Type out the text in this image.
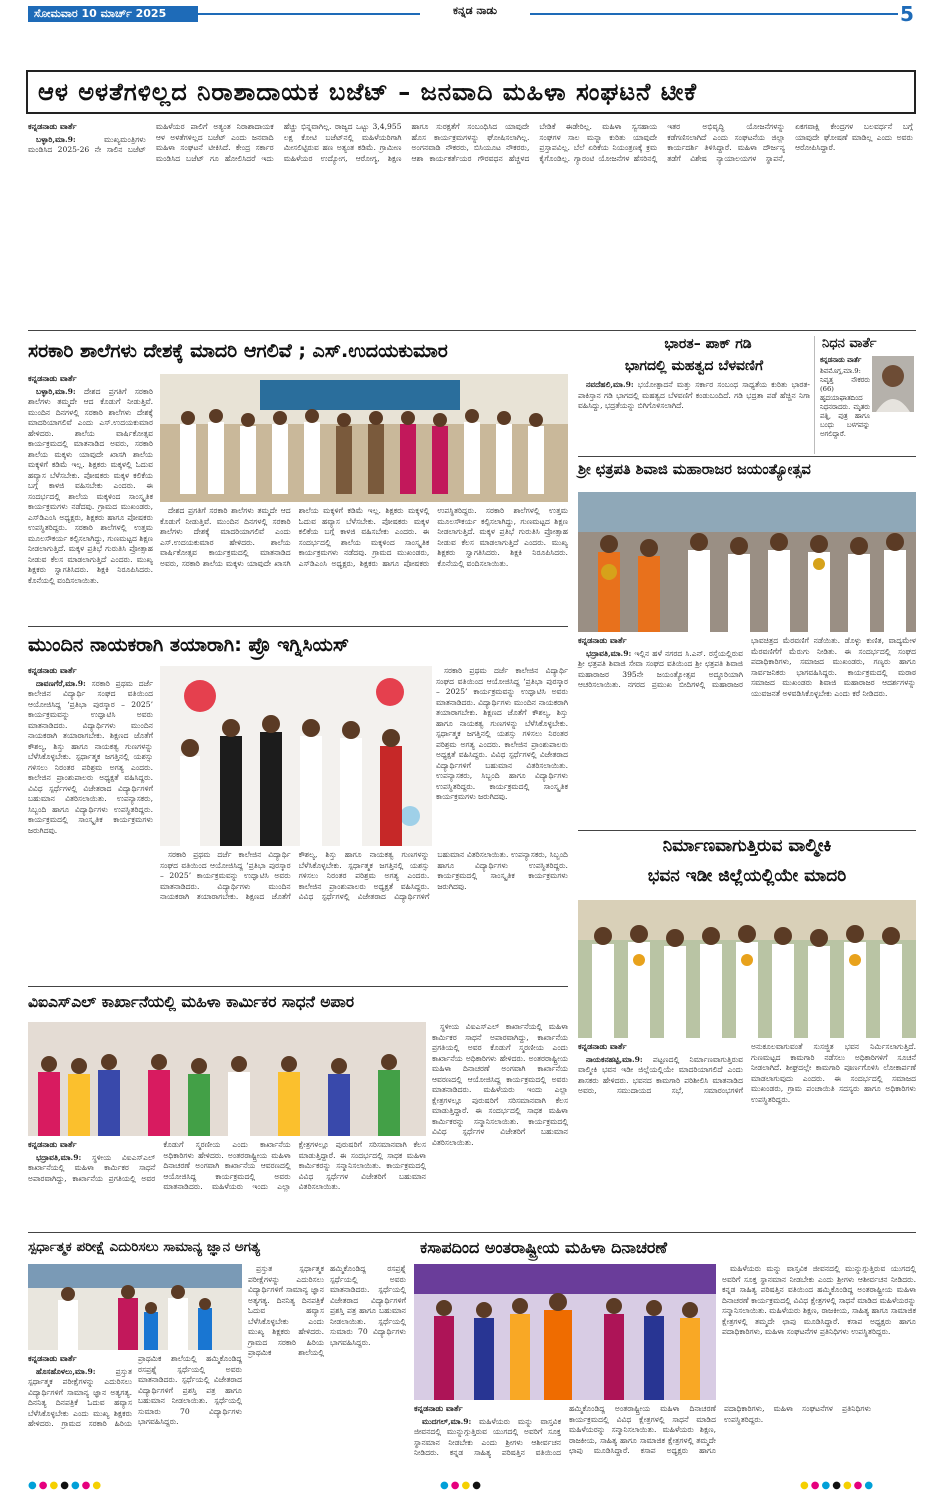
ಸೋಮವಾರ 10 ಮಾರ್ಚ್ 2025	ಕನ್ನಡ ನಾಡು	5
ಆಳ ಅಳತೆಗಳಿಲ್ಲದ ನಿರಾಶಾದಾಯಕ ಬಜೆಟ್ – ಜನವಾದಿ ಮಹಿಳಾ ಸಂಘಟನೆ ಟೀಕೆ
ಕನ್ನಡನಾಡು ವಾರ್ತೆ

ಬಳ್ಳಾರಿ,ಮಾ.9:	ಮುಖ್ಯಮಂತ್ರಿಗಳು ಮಂಡಿಸಿದ 2025-26 ನೇ ಸಾಲಿನ ಬಜೆಟ್ ಮಹಿಳೆಯರ ಪಾಲಿಗೆ ಅತ್ಯಂತ ನಿರಾಶಾದಾಯಕ ಆಳ ಅಳತೆಗಳಿಲ್ಲದ ಬಜೆಟ್ ಎಂದು ಜನವಾದಿ ಮಹಿಳಾ ಸಂಘಟನೆ ಟೀಕಿಸಿದೆ. ಕೇಂದ್ರ ಸರ್ಕಾರ ಮಂಡಿಸಿದ ಬಜೆಟ್ ಗೂ ಹೋಲಿಸಿದರೆ ಇದು ಹೆಚ್ಚು ಭಿನ್ನವಾಗಿಲ್ಲ. ರಾಜ್ಯದ ಒಟ್ಟು 3,4,955 ಲಕ್ಷ ಕೋಟಿ ಬಜೆಟ್‌ನಲ್ಲಿ ಮಹಿಳೆಯರಿಗಾಗಿ ಮೀಸಲಿಟ್ಟಿರುವ ಹಣ ಅತ್ಯಂತ ಕಡಿಮೆ. ಗ್ರಾಮೀಣ ಮಹಿಳೆಯರ ಉದ್ಯೋಗ, ಆರೋಗ್ಯ, ಶಿಕ್ಷಣ ಹಾಗೂ ಸುರಕ್ಷತೆಗೆ ಸಂಬಂಧಿಸಿದ ಯಾವುದೇ ಹೊಸ ಕಾರ್ಯಕ್ರಮಗಳನ್ನು ಘೋಷಿಸಲಾಗಿಲ್ಲ. ಅಂಗನವಾಡಿ ನೌಕರರು, ಬಿಸಿಯೂಟ ನೌಕರರು, ಆಶಾ ಕಾರ್ಯಕರ್ತೆಯರ ಗೌರವಧನ ಹೆಚ್ಚಳದ ಬೇಡಿಕೆ ಈಡೇರಿಲ್ಲ. ಮಹಿಳಾ ಸ್ವಸಹಾಯ ಸಂಘಗಳ ಸಾಲ ಮನ್ನಾ ಕುರಿತು ಯಾವುದೇ ಪ್ರಸ್ತಾಪವಿಲ್ಲ. ಬೆಲೆ ಏರಿಕೆಯ ನಿಯಂತ್ರಣಕ್ಕೆ ಕ್ರಮ ಕೈಗೊಂಡಿಲ್ಲ. ಗ್ಯಾರಂಟಿ ಯೋಜನೆಗಳ ಹೆಸರಿನಲ್ಲಿ ಇತರ ಅಭಿವೃದ್ಧಿ ಯೋಜನೆಗಳನ್ನು ಕಡೆಗಣಿಸಲಾಗಿದೆ ಎಂದು ಸಂಘಟನೆಯ ಜಿಲ್ಲಾ ಕಾರ್ಯದರ್ಶಿ ತಿಳಿಸಿದ್ದಾರೆ. ಮಹಿಳಾ ದೌರ್ಜನ್ಯ ತಡೆಗೆ ವಿಶೇಷ ನ್ಯಾಯಾಲಯಗಳ ಸ್ಥಾಪನೆ, ಏಕಗವಾಕ್ಷಿ ಕೇಂದ್ರಗಳ ಬಲವರ್ಧನೆ ಬಗ್ಗೆ ಯಾವುದೇ ಘೋಷಣೆ ಮಾಡಿಲ್ಲ ಎಂದು ಅವರು ಆರೋಪಿಸಿದ್ದಾರೆ.

ಸರಕಾರಿ ಶಾಲೆಗಳು ದೇಶಕ್ಕೆ ಮಾದರಿ ಆಗಲಿವೆ ; ಎಸ್.ಉದಯಕುಮಾರ
ಕನ್ನಡನಾಡು ವಾರ್ತೆ

ಬಳ್ಳಾರಿ,ಮಾ.9: ದೇಶದ ಪ್ರಗತಿಗೆ ಸರಕಾರಿ ಶಾಲೆಗಳು ತಮ್ಮದೇ ಆದ ಕೊಡುಗೆ ನೀಡುತ್ತಿವೆ. ಮುಂದಿನ ದಿನಗಳಲ್ಲಿ ಸರಕಾರಿ ಶಾಲೆಗಳು ದೇಶಕ್ಕೆ ಮಾದರಿಯಾಗಲಿವೆ ಎಂದು ಎಸ್.ಉದಯಕುಮಾರ ಹೇಳಿದರು. ಶಾಲೆಯ ವಾರ್ಷಿಕೋತ್ಸವ ಕಾರ್ಯಕ್ರಮದಲ್ಲಿ ಮಾತನಾಡಿದ ಅವರು, ಸರಕಾರಿ ಶಾಲೆಯ ಮಕ್ಕಳು ಯಾವುದೇ ಖಾಸಗಿ ಶಾಲೆಯ ಮಕ್ಕಳಿಗೆ ಕಡಿಮೆ ಇಲ್ಲ. ಶಿಕ್ಷಕರು ಮಕ್ಕಳಲ್ಲಿ ಓದುವ ಹವ್ಯಾಸ ಬೆಳೆಸಬೇಕು. ಪೋಷಕರು ಮಕ್ಕಳ ಕಲಿಕೆಯ ಬಗ್ಗೆ ಕಾಳಜಿ ವಹಿಸಬೇಕು ಎಂದರು. ಈ ಸಂದರ್ಭದಲ್ಲಿ ಶಾಲೆಯ ಮಕ್ಕಳಿಂದ ಸಾಂಸ್ಕೃತಿಕ ಕಾರ್ಯಕ್ರಮಗಳು ನಡೆದವು. ಗ್ರಾಮದ ಮುಖಂಡರು, ಎಸ್‌ಡಿಎಂಸಿ ಅಧ್ಯಕ್ಷರು, ಶಿಕ್ಷಕರು ಹಾಗೂ ಪೋಷಕರು ಉಪಸ್ಥಿತರಿದ್ದರು. ಸರಕಾರಿ ಶಾಲೆಗಳಲ್ಲಿ ಉತ್ತಮ ಮೂಲಸೌಕರ್ಯ ಕಲ್ಪಿಸಲಾಗಿದ್ದು, ಗುಣಮಟ್ಟದ ಶಿಕ್ಷಣ ನೀಡಲಾಗುತ್ತಿದೆ. ಮಕ್ಕಳ ಪ್ರತಿಭೆ ಗುರುತಿಸಿ ಪ್ರೋತ್ಸಾಹ ನೀಡುವ ಕೆಲಸ ಮಾಡಲಾಗುತ್ತಿದೆ ಎಂದರು. ಮುಖ್ಯ ಶಿಕ್ಷಕರು ಸ್ವಾಗತಿಸಿದರು. ಶಿಕ್ಷಕಿ ನಿರೂಪಿಸಿದರು. ಕೊನೆಯಲ್ಲಿ ವಂದಿಸಲಾಯಿತು.

ದೇಶದ ಪ್ರಗತಿಗೆ ಸರಕಾರಿ ಶಾಲೆಗಳು ತಮ್ಮದೇ ಆದ ಕೊಡುಗೆ ನೀಡುತ್ತಿವೆ. ಮುಂದಿನ ದಿನಗಳಲ್ಲಿ ಸರಕಾರಿ ಶಾಲೆಗಳು ದೇಶಕ್ಕೆ ಮಾದರಿಯಾಗಲಿವೆ ಎಂದು ಎಸ್.ಉದಯಕುಮಾರ ಹೇಳಿದರು. ಶಾಲೆಯ ವಾರ್ಷಿಕೋತ್ಸವ ಕಾರ್ಯಕ್ರಮದಲ್ಲಿ ಮಾತನಾಡಿದ ಅವರು, ಸರಕಾರಿ ಶಾಲೆಯ ಮಕ್ಕಳು ಯಾವುದೇ ಖಾಸಗಿ ಶಾಲೆಯ ಮಕ್ಕಳಿಗೆ ಕಡಿಮೆ ಇಲ್ಲ. ಶಿಕ್ಷಕರು ಮಕ್ಕಳಲ್ಲಿ ಓದುವ ಹವ್ಯಾಸ ಬೆಳೆಸಬೇಕು. ಪೋಷಕರು ಮಕ್ಕಳ ಕಲಿಕೆಯ ಬಗ್ಗೆ ಕಾಳಜಿ ವಹಿಸಬೇಕು ಎಂದರು. ಈ ಸಂದರ್ಭದಲ್ಲಿ ಶಾಲೆಯ ಮಕ್ಕಳಿಂದ ಸಾಂಸ್ಕೃತಿಕ ಕಾರ್ಯಕ್ರಮಗಳು ನಡೆದವು. ಗ್ರಾಮದ ಮುಖಂಡರು, ಎಸ್‌ಡಿಎಂಸಿ ಅಧ್ಯಕ್ಷರು, ಶಿಕ್ಷಕರು ಹಾಗೂ ಪೋಷಕರು ಉಪಸ್ಥಿತರಿದ್ದರು. ಸರಕಾರಿ ಶಾಲೆಗಳಲ್ಲಿ ಉತ್ತಮ ಮೂಲಸೌಕರ್ಯ ಕಲ್ಪಿಸಲಾಗಿದ್ದು, ಗುಣಮಟ್ಟದ ಶಿಕ್ಷಣ ನೀಡಲಾಗುತ್ತಿದೆ. ಮಕ್ಕಳ ಪ್ರತಿಭೆ ಗುರುತಿಸಿ ಪ್ರೋತ್ಸಾಹ ನೀಡುವ ಕೆಲಸ ಮಾಡಲಾಗುತ್ತಿದೆ ಎಂದರು. ಮುಖ್ಯ ಶಿಕ್ಷಕರು ಸ್ವಾಗತಿಸಿದರು. ಶಿಕ್ಷಕಿ ನಿರೂಪಿಸಿದರು. ಕೊನೆಯಲ್ಲಿ ವಂದಿಸಲಾಯಿತು.

ಭಾರತ– ಪಾಕ್ ಗಡಿ
ಭಾಗದಲ್ಲಿ ಮಹತ್ವದ ಬೆಳವಣಿಗೆ

ನವದೆಹಲಿ,ಮಾ.9: ಭಯೋತ್ಪಾದನೆ ಮತ್ತು ಸರ್ಕಾರ ಸಂಬಂಧ ಸಾಧ್ಯತೆಯ ಕುರಿತು ಭಾರತ-ಪಾಕಿಸ್ತಾನ ಗಡಿ ಭಾಗದಲ್ಲಿ ಮಹತ್ವದ ಬೆಳವಣಿಗೆ ಕಂಡುಬಂದಿದೆ. ಗಡಿ ಭದ್ರತಾ ಪಡೆ ಹೆಚ್ಚಿನ ನಿಗಾ ವಹಿಸಿದ್ದು, ಭದ್ರತೆಯನ್ನು ಬಿಗಿಗೊಳಿಸಲಾಗಿದೆ.

ನಿಧನ ವಾರ್ತೆ
ಕನ್ನಡನಾಡು ವಾರ್ತೆ
ಶಿವಮೊಗ್ಗ,ಮಾ.9: ನಿವೃತ್ತ ನೌಕರರು (66) ಹೃದಯಾಘಾತದಿಂದ ನಿಧನರಾದರು. ಮೃತರು ಪತ್ನಿ, ಪುತ್ರ ಹಾಗೂ ಬಂಧು ಬಳಗವನ್ನು ಅಗಲಿದ್ದಾರೆ.
ಶ್ರೀ ಛತ್ರಪತಿ ಶಿವಾಜಿ ಮಹಾರಾಜರ ಜಯಂತ್ಯೋತ್ಸವ
ಕನ್ನಡನಾಡು ವಾರ್ತೆ

ಭದ್ರಾವತಿ,ಮಾ.9: ಇಲ್ಲಿನ ಹಳೆ ನಗರದ ಸಿ.ಎನ್. ರಸ್ತೆಯಲ್ಲಿರುವ ಶ್ರೀ ಛತ್ರಪತಿ ಶಿವಾಜಿ ಸೇವಾ ಸಂಘದ ವತಿಯಿಂದ ಶ್ರೀ ಛತ್ರಪತಿ ಶಿವಾಜಿ ಮಹಾರಾಜರ 395ನೇ ಜಯಂತ್ಯೋತ್ಸವ ಅದ್ಧೂರಿಯಾಗಿ ಆಚರಿಸಲಾಯಿತು. ನಗರದ ಪ್ರಮುಖ ಬೀದಿಗಳಲ್ಲಿ ಮಹಾರಾಜರ ಭಾವಚಿತ್ರದ ಮೆರವಣಿಗೆ ನಡೆಯಿತು. ಡೊಳ್ಳು ಕುಣಿತ, ವಾದ್ಯಮೇಳ ಮೆರವಣಿಗೆಗೆ ಮೆರುಗು ನೀಡಿತು. ಈ ಸಂದರ್ಭದಲ್ಲಿ ಸಂಘದ ಪದಾಧಿಕಾರಿಗಳು, ಸಮಾಜದ ಮುಖಂಡರು, ಗಣ್ಯರು ಹಾಗೂ ಸಾರ್ವಜನಿಕರು ಭಾಗವಹಿಸಿದ್ದರು. ಕಾರ್ಯಕ್ರಮದಲ್ಲಿ ಮರಾಠ ಸಮಾಜದ ಮುಖಂಡರು ಶಿವಾಜಿ ಮಹಾರಾಜರ ಆದರ್ಶಗಳನ್ನು ಯುವಜನತೆ ಅಳವಡಿಸಿಕೊಳ್ಳಬೇಕು ಎಂದು ಕರೆ ನೀಡಿದರು.

ಮುಂದಿನ ನಾಯಕರಾಗಿ ತಯಾರಾಗಿ: ಪ್ರೊ ಇಗ್ನಿಸಿಯಸ್
ಕನ್ನಡನಾಡು ವಾರ್ತೆ

ದಾವಣಗೆರೆ,ಮಾ.9: ಸರಕಾರಿ ಪ್ರಥಮ ದರ್ಜೆ ಕಾಲೇಜಿನ ವಿದ್ಯಾರ್ಥಿ ಸಂಘದ ವತಿಯಿಂದ ಆಯೋಜಿಸಿದ್ದ ‘ಪ್ರತಿಭಾ ಪುರಸ್ಕಾರ – 2025’ ಕಾರ್ಯಕ್ರಮವನ್ನು ಉದ್ಘಾಟಿಸಿ ಅವರು ಮಾತನಾಡಿದರು. ವಿದ್ಯಾರ್ಥಿಗಳು ಮುಂದಿನ ನಾಯಕರಾಗಿ ತಯಾರಾಗಬೇಕು. ಶಿಕ್ಷಣದ ಜೊತೆಗೆ ಕೌಶಲ್ಯ, ಶಿಸ್ತು ಹಾಗೂ ನಾಯಕತ್ವ ಗುಣಗಳನ್ನು ಬೆಳೆಸಿಕೊಳ್ಳಬೇಕು. ಸ್ಪರ್ಧಾತ್ಮಕ ಜಗತ್ತಿನಲ್ಲಿ ಯಶಸ್ಸು ಗಳಿಸಲು ನಿರಂತರ ಪರಿಶ್ರಮ ಅಗತ್ಯ ಎಂದರು. ಕಾಲೇಜಿನ ಪ್ರಾಂಶುಪಾಲರು ಅಧ್ಯಕ್ಷತೆ ವಹಿಸಿದ್ದರು. ವಿವಿಧ ಸ್ಪರ್ಧೆಗಳಲ್ಲಿ ವಿಜೇತರಾದ ವಿದ್ಯಾರ್ಥಿಗಳಿಗೆ ಬಹುಮಾನ ವಿತರಿಸಲಾಯಿತು. ಉಪನ್ಯಾಸಕರು, ಸಿಬ್ಬಂದಿ ಹಾಗೂ ವಿದ್ಯಾರ್ಥಿಗಳು ಉಪಸ್ಥಿತರಿದ್ದರು. ಕಾರ್ಯಕ್ರಮದಲ್ಲಿ ಸಾಂಸ್ಕೃತಿಕ ಕಾರ್ಯಕ್ರಮಗಳು ಜರುಗಿದವು.

ಸರಕಾರಿ ಪ್ರಥಮ ದರ್ಜೆ ಕಾಲೇಜಿನ ವಿದ್ಯಾರ್ಥಿ ಸಂಘದ ವತಿಯಿಂದ ಆಯೋಜಿಸಿದ್ದ ‘ಪ್ರತಿಭಾ ಪುರಸ್ಕಾರ – 2025’ ಕಾರ್ಯಕ್ರಮವನ್ನು ಉದ್ಘಾಟಿಸಿ ಅವರು ಮಾತನಾಡಿದರು. ವಿದ್ಯಾರ್ಥಿಗಳು ಮುಂದಿನ ನಾಯಕರಾಗಿ ತಯಾರಾಗಬೇಕು. ಶಿಕ್ಷಣದ ಜೊತೆಗೆ ಕೌಶಲ್ಯ, ಶಿಸ್ತು ಹಾಗೂ ನಾಯಕತ್ವ ಗುಣಗಳನ್ನು ಬೆಳೆಸಿಕೊಳ್ಳಬೇಕು. ಸ್ಪರ್ಧಾತ್ಮಕ ಜಗತ್ತಿನಲ್ಲಿ ಯಶಸ್ಸು ಗಳಿಸಲು ನಿರಂತರ ಪರಿಶ್ರಮ ಅಗತ್ಯ ಎಂದರು. ಕಾಲೇಜಿನ ಪ್ರಾಂಶುಪಾಲರು ಅಧ್ಯಕ್ಷತೆ ವಹಿಸಿದ್ದರು. ವಿವಿಧ ಸ್ಪರ್ಧೆಗಳಲ್ಲಿ ವಿಜೇತರಾದ ವಿದ್ಯಾರ್ಥಿಗಳಿಗೆ ಬಹುಮಾನ ವಿತರಿಸಲಾಯಿತು. ಉಪನ್ಯಾಸಕರು, ಸಿಬ್ಬಂದಿ ಹಾಗೂ ವಿದ್ಯಾರ್ಥಿಗಳು ಉಪಸ್ಥಿತರಿದ್ದರು. ಕಾರ್ಯಕ್ರಮದಲ್ಲಿ ಸಾಂಸ್ಕೃತಿಕ ಕಾರ್ಯಕ್ರಮಗಳು ಜರುಗಿದವು.

ಸರಕಾರಿ ಪ್ರಥಮ ದರ್ಜೆ ಕಾಲೇಜಿನ ವಿದ್ಯಾರ್ಥಿ ಸಂಘದ ವತಿಯಿಂದ ಆಯೋಜಿಸಿದ್ದ ‘ಪ್ರತಿಭಾ ಪುರಸ್ಕಾರ – 2025’ ಕಾರ್ಯಕ್ರಮವನ್ನು ಉದ್ಘಾಟಿಸಿ ಅವರು ಮಾತನಾಡಿದರು. ವಿದ್ಯಾರ್ಥಿಗಳು ಮುಂದಿನ ನಾಯಕರಾಗಿ ತಯಾರಾಗಬೇಕು. ಶಿಕ್ಷಣದ ಜೊತೆಗೆ ಕೌಶಲ್ಯ, ಶಿಸ್ತು ಹಾಗೂ ನಾಯಕತ್ವ ಗುಣಗಳನ್ನು ಬೆಳೆಸಿಕೊಳ್ಳಬೇಕು. ಸ್ಪರ್ಧಾತ್ಮಕ ಜಗತ್ತಿನಲ್ಲಿ ಯಶಸ್ಸು ಗಳಿಸಲು ನಿರಂತರ ಪರಿಶ್ರಮ ಅಗತ್ಯ ಎಂದರು. ಕಾಲೇಜಿನ ಪ್ರಾಂಶುಪಾಲರು ಅಧ್ಯಕ್ಷತೆ ವಹಿಸಿದ್ದರು. ವಿವಿಧ ಸ್ಪರ್ಧೆಗಳಲ್ಲಿ ವಿಜೇತರಾದ ವಿದ್ಯಾರ್ಥಿಗಳಿಗೆ ಬಹುಮಾನ ವಿತರಿಸಲಾಯಿತು. ಉಪನ್ಯಾಸಕರು, ಸಿಬ್ಬಂದಿ ಹಾಗೂ ವಿದ್ಯಾರ್ಥಿಗಳು ಉಪಸ್ಥಿತರಿದ್ದರು. ಕಾರ್ಯಕ್ರಮದಲ್ಲಿ ಸಾಂಸ್ಕೃತಿಕ ಕಾರ್ಯಕ್ರಮಗಳು ಜರುಗಿದವು.

ನಿರ್ಮಾಣವಾಗುತ್ತಿರುವ ವಾಲ್ಮೀಕಿ
ಭವನ ಇಡೀ ಜಿಲ್ಲೆಯಲ್ಲಿಯೇ ಮಾದರಿ
ಕನ್ನಡನಾಡು ವಾರ್ತೆ

ನಾಯಕನಹಟ್ಟಿ,ಮಾ.9: ಪಟ್ಟಣದಲ್ಲಿ ನಿರ್ಮಾಣವಾಗುತ್ತಿರುವ ವಾಲ್ಮೀಕಿ ಭವನ ಇಡೀ ಜಿಲ್ಲೆಯಲ್ಲಿಯೇ ಮಾದರಿಯಾಗಲಿದೆ ಎಂದು ಶಾಸಕರು ಹೇಳಿದರು. ಭವನದ ಕಾಮಗಾರಿ ಪರಿಶೀಲಿಸಿ ಮಾತನಾಡಿದ ಅವರು, ಸಮುದಾಯದ ಸಭೆ, ಸಮಾರಂಭಗಳಿಗೆ ಅನುಕೂಲವಾಗುವಂತೆ ಸುಸಜ್ಜಿತ ಭವನ ನಿರ್ಮಿಸಲಾಗುತ್ತಿದೆ. ಗುಣಮಟ್ಟದ ಕಾಮಗಾರಿ ನಡೆಸಲು ಅಧಿಕಾರಿಗಳಿಗೆ ಸೂಚನೆ ನೀಡಲಾಗಿದೆ. ಶೀಘ್ರದಲ್ಲೇ ಕಾಮಗಾರಿ ಪೂರ್ಣಗೊಳಿಸಿ ಲೋಕಾರ್ಪಣೆ ಮಾಡಲಾಗುವುದು ಎಂದರು. ಈ ಸಂದರ್ಭದಲ್ಲಿ ಸಮಾಜದ ಮುಖಂಡರು, ಗ್ರಾಮ ಪಂಚಾಯಿತಿ ಸದಸ್ಯರು ಹಾಗೂ ಅಧಿಕಾರಿಗಳು ಉಪಸ್ಥಿತರಿದ್ದರು.

ವಿಐಎಸ್ಎಲ್ ಕಾರ್ಖಾನೆಯಲ್ಲಿ ಮಹಿಳಾ ಕಾರ್ಮಿಕರ ಸಾಧನೆ ಅಪಾರ

ಸ್ಥಳೀಯ ವಿಐಎಸ್ಎಲ್ ಕಾರ್ಖಾನೆಯಲ್ಲಿ ಮಹಿಳಾ ಕಾರ್ಮಿಕರ ಸಾಧನೆ ಅಪಾರವಾಗಿದ್ದು, ಕಾರ್ಖಾನೆಯ ಪ್ರಗತಿಯಲ್ಲಿ ಅವರ ಕೊಡುಗೆ ಸ್ಮರಣೀಯ ಎಂದು ಕಾರ್ಖಾನೆಯ ಅಧಿಕಾರಿಗಳು ಹೇಳಿದರು. ಅಂತರರಾಷ್ಟ್ರೀಯ ಮಹಿಳಾ ದಿನಾಚರಣೆ ಅಂಗವಾಗಿ ಕಾರ್ಖಾನೆಯ ಆವರಣದಲ್ಲಿ ಆಯೋಜಿಸಿದ್ದ ಕಾರ್ಯಕ್ರಮದಲ್ಲಿ ಅವರು ಮಾತನಾಡಿದರು. ಮಹಿಳೆಯರು ಇಂದು ಎಲ್ಲಾ ಕ್ಷೇತ್ರಗಳಲ್ಲೂ ಪುರುಷರಿಗೆ ಸರಿಸಮಾನವಾಗಿ ಕೆಲಸ ಮಾಡುತ್ತಿದ್ದಾರೆ. ಈ ಸಂದರ್ಭದಲ್ಲಿ ಸಾಧಕ ಮಹಿಳಾ ಕಾರ್ಮಿಕರನ್ನು ಸನ್ಮಾನಿಸಲಾಯಿತು. ಕಾರ್ಯಕ್ರಮದಲ್ಲಿ ವಿವಿಧ ಸ್ಪರ್ಧೆಗಳ ವಿಜೇತರಿಗೆ ಬಹುಮಾನ ವಿತರಿಸಲಾಯಿತು.

ಕನ್ನಡನಾಡು ವಾರ್ತೆ

ಭದ್ರಾವತಿ,ಮಾ.9: ಸ್ಥಳೀಯ ವಿಐಎಸ್ಎಲ್ ಕಾರ್ಖಾನೆಯಲ್ಲಿ ಮಹಿಳಾ ಕಾರ್ಮಿಕರ ಸಾಧನೆ ಅಪಾರವಾಗಿದ್ದು, ಕಾರ್ಖಾನೆಯ ಪ್ರಗತಿಯಲ್ಲಿ ಅವರ ಕೊಡುಗೆ ಸ್ಮರಣೀಯ ಎಂದು ಕಾರ್ಖಾನೆಯ ಅಧಿಕಾರಿಗಳು ಹೇಳಿದರು. ಅಂತರರಾಷ್ಟ್ರೀಯ ಮಹಿಳಾ ದಿನಾಚರಣೆ ಅಂಗವಾಗಿ ಕಾರ್ಖಾನೆಯ ಆವರಣದಲ್ಲಿ ಆಯೋಜಿಸಿದ್ದ ಕಾರ್ಯಕ್ರಮದಲ್ಲಿ ಅವರು ಮಾತನಾಡಿದರು. ಮಹಿಳೆಯರು ಇಂದು ಎಲ್ಲಾ ಕ್ಷೇತ್ರಗಳಲ್ಲೂ ಪುರುಷರಿಗೆ ಸರಿಸಮಾನವಾಗಿ ಕೆಲಸ ಮಾಡುತ್ತಿದ್ದಾರೆ. ಈ ಸಂದರ್ಭದಲ್ಲಿ ಸಾಧಕ ಮಹಿಳಾ ಕಾರ್ಮಿಕರನ್ನು ಸನ್ಮಾನಿಸಲಾಯಿತು. ಕಾರ್ಯಕ್ರಮದಲ್ಲಿ ವಿವಿಧ ಸ್ಪರ್ಧೆಗಳ ವಿಜೇತರಿಗೆ ಬಹುಮಾನ ವಿತರಿಸಲಾಯಿತು.

ಸ್ಪರ್ಧಾತ್ಮಕ ಪರೀಕ್ಷೆ ಎದುರಿಸಲು ಸಾಮಾನ್ಯ ಜ್ಞಾನ ಅಗತ್ಯ
ಕನ್ನಡನಾಡು ವಾರ್ತೆ

ಹೊಸಹೊಳಲು,ಮಾ.9:	ಪ್ರಸ್ತುತ ಸ್ಪರ್ಧಾತ್ಮಕ ಪರೀಕ್ಷೆಗಳನ್ನು ಎದುರಿಸಲು ವಿದ್ಯಾರ್ಥಿಗಳಿಗೆ ಸಾಮಾನ್ಯ ಜ್ಞಾನ ಅತ್ಯಗತ್ಯ. ದಿನನಿತ್ಯ ದಿನಪತ್ರಿಕೆ ಓದುವ ಹವ್ಯಾಸ ಬೆಳೆಸಿಕೊಳ್ಳಬೇಕು ಎಂದು ಮುಖ್ಯ ಶಿಕ್ಷಕರು ಹೇಳಿದರು. ಗ್ರಾಮದ ಸರಕಾರಿ ಹಿರಿಯ ಪ್ರಾಥಮಿಕ ಶಾಲೆಯಲ್ಲಿ ಹಮ್ಮಿಕೊಂಡಿದ್ದ ರಸಪ್ರಶ್ನೆ ಸ್ಪರ್ಧೆಯಲ್ಲಿ ಅವರು ಮಾತನಾಡಿದರು. ಸ್ಪರ್ಧೆಯಲ್ಲಿ ವಿಜೇತರಾದ ವಿದ್ಯಾರ್ಥಿಗಳಿಗೆ ಪ್ರಶಸ್ತಿ ಪತ್ರ ಹಾಗೂ ಬಹುಮಾನ ನೀಡಲಾಯಿತು. ಸ್ಪರ್ಧೆಯಲ್ಲಿ ಸುಮಾರು 70 ವಿದ್ಯಾರ್ಥಿಗಳು ಭಾಗವಹಿಸಿದ್ದರು.

ಪ್ರಸ್ತುತ ಸ್ಪರ್ಧಾತ್ಮಕ ಪರೀಕ್ಷೆಗಳನ್ನು ಎದುರಿಸಲು ವಿದ್ಯಾರ್ಥಿಗಳಿಗೆ ಸಾಮಾನ್ಯ ಜ್ಞಾನ ಅತ್ಯಗತ್ಯ. ದಿನನಿತ್ಯ ದಿನಪತ್ರಿಕೆ ಓದುವ ಹವ್ಯಾಸ ಬೆಳೆಸಿಕೊಳ್ಳಬೇಕು ಎಂದು ಮುಖ್ಯ ಶಿಕ್ಷಕರು ಹೇಳಿದರು. ಗ್ರಾಮದ ಸರಕಾರಿ ಹಿರಿಯ ಪ್ರಾಥಮಿಕ ಶಾಲೆಯಲ್ಲಿ ಹಮ್ಮಿಕೊಂಡಿದ್ದ ರಸಪ್ರಶ್ನೆ ಸ್ಪರ್ಧೆಯಲ್ಲಿ ಅವರು ಮಾತನಾಡಿದರು. ಸ್ಪರ್ಧೆಯಲ್ಲಿ ವಿಜೇತರಾದ ವಿದ್ಯಾರ್ಥಿಗಳಿಗೆ ಪ್ರಶಸ್ತಿ ಪತ್ರ ಹಾಗೂ ಬಹುಮಾನ ನೀಡಲಾಯಿತು. ಸ್ಪರ್ಧೆಯಲ್ಲಿ ಸುಮಾರು 70 ವಿದ್ಯಾರ್ಥಿಗಳು ಭಾಗವಹಿಸಿದ್ದರು.

ಕಸಾಪದಿಂದ ಅಂತರಾಷ್ಟ್ರೀಯ ಮಹಿಳಾ ದಿನಾಚರಣೆ

ಮಹಿಳೆಯರು ಮನ್ನು ವಾಸ್ತವಿಕ ಜೀವನದಲ್ಲಿ ಮುನ್ನುಗ್ಗುತ್ತಿರುವ ಯುಗದಲ್ಲಿ ಅವರಿಗೆ ಸೂಕ್ತ ಸ್ಥಾನಮಾನ ನೀಡಬೇಕು ಎಂದು ಶ್ರೀಗಳು ಆಶೀರ್ವಚನ ನೀಡಿದರು. ಕನ್ನಡ ಸಾಹಿತ್ಯ ಪರಿಷತ್ತಿನ ವತಿಯಿಂದ ಹಮ್ಮಿಕೊಂಡಿದ್ದ ಅಂತರಾಷ್ಟ್ರೀಯ ಮಹಿಳಾ ದಿನಾಚರಣೆ ಕಾರ್ಯಕ್ರಮದಲ್ಲಿ ವಿವಿಧ ಕ್ಷೇತ್ರಗಳಲ್ಲಿ ಸಾಧನೆ ಮಾಡಿದ ಮಹಿಳೆಯರನ್ನು ಸನ್ಮಾನಿಸಲಾಯಿತು. ಮಹಿಳೆಯರು ಶಿಕ್ಷಣ, ರಾಜಕೀಯ, ಸಾಹಿತ್ಯ ಹಾಗೂ ಸಾಮಾಜಿಕ ಕ್ಷೇತ್ರಗಳಲ್ಲಿ ತಮ್ಮದೇ ಛಾಪು ಮೂಡಿಸಿದ್ದಾರೆ. ಕಸಾಪ ಅಧ್ಯಕ್ಷರು ಹಾಗೂ ಪದಾಧಿಕಾರಿಗಳು, ಮಹಿಳಾ ಸಂಘಟನೆಗಳ ಪ್ರತಿನಿಧಿಗಳು ಉಪಸ್ಥಿತರಿದ್ದರು.

ಕನ್ನಡನಾಡು ವಾರ್ತೆ

ಮುದಗಲ್,ಮಾ.9: ಮಹಿಳೆಯರು ಮನ್ನು ವಾಸ್ತವಿಕ ಜೀವನದಲ್ಲಿ ಮುನ್ನುಗ್ಗುತ್ತಿರುವ ಯುಗದಲ್ಲಿ ಅವರಿಗೆ ಸೂಕ್ತ ಸ್ಥಾನಮಾನ ನೀಡಬೇಕು ಎಂದು ಶ್ರೀಗಳು ಆಶೀರ್ವಚನ ನೀಡಿದರು. ಕನ್ನಡ ಸಾಹಿತ್ಯ ಪರಿಷತ್ತಿನ ವತಿಯಿಂದ ಹಮ್ಮಿಕೊಂಡಿದ್ದ ಅಂತರಾಷ್ಟ್ರೀಯ ಮಹಿಳಾ ದಿನಾಚರಣೆ ಕಾರ್ಯಕ್ರಮದಲ್ಲಿ ವಿವಿಧ ಕ್ಷೇತ್ರಗಳಲ್ಲಿ ಸಾಧನೆ ಮಾಡಿದ ಮಹಿಳೆಯರನ್ನು ಸನ್ಮಾನಿಸಲಾಯಿತು. ಮಹಿಳೆಯರು ಶಿಕ್ಷಣ, ರಾಜಕೀಯ, ಸಾಹಿತ್ಯ ಹಾಗೂ ಸಾಮಾಜಿಕ ಕ್ಷೇತ್ರಗಳಲ್ಲಿ ತಮ್ಮದೇ ಛಾಪು ಮೂಡಿಸಿದ್ದಾರೆ. ಕಸಾಪ ಅಧ್ಯಕ್ಷರು ಹಾಗೂ ಪದಾಧಿಕಾರಿಗಳು, ಮಹಿಳಾ ಸಂಘಟನೆಗಳ ಪ್ರತಿನಿಧಿಗಳು ಉಪಸ್ಥಿತರಿದ್ದರು.

●●●●●●●	●●●●	●●●●●●●
